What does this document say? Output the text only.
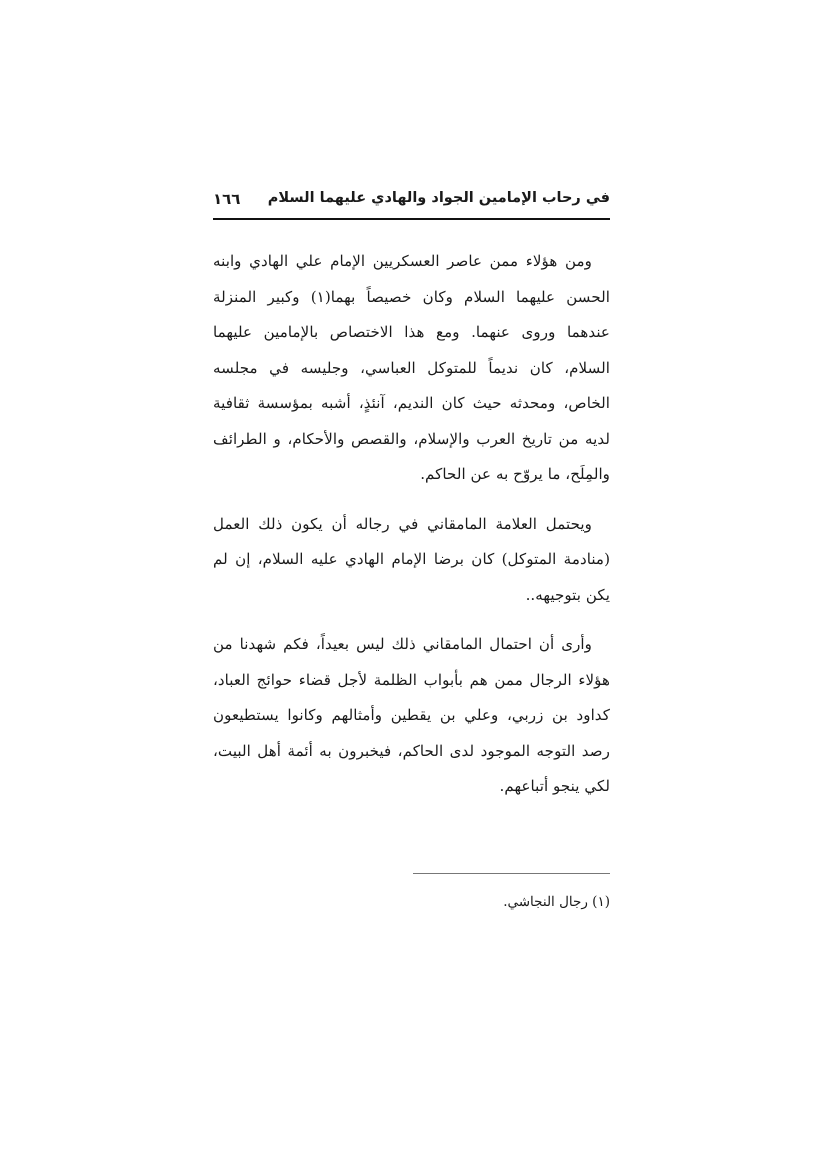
في رحاب الإمامين الجواد والهادي عليهما السلام
١٦٦

ومن هؤلاء ممن عاصر العسكريين الإمام علي الهادي وابنه الحسن عليهما السلام وكان خصيصاً بهما(١) وكبير المنزلة عندهما وروى عنهما. ومع هذا الاختصاص بالإمامين عليهما السلام، كان نديماً للمتوكل العباسي، وجليسه في مجلسه الخاص، ومحدثه حيث كان النديم، آنئذٍ، أشبه بمؤسسة ثقافية لديه من تاريخ العرب والإسلام، والقصص والأحكام، و الطرائف والمِلَح، ما يروّح به عن الحاكم.

ويحتمل العلامة المامقاني في رجاله أن يكون ذلك العمل (منادمة المتوكل) كان برضا الإمام الهادي عليه السلام، إن لم يكن بتوجيهه..

وأرى أن احتمال المامقاني ذلك ليس بعيداً، فكم شهدنا من هؤلاء الرجال ممن هم بأبواب الظلمة لأجل قضاء حوائج العباد، كداود بن زربي، وعلي بن يقطين وأمثالهم وكانوا يستطيعون رصد التوجه الموجود لدى الحاكم، فيخبرون به أئمة أهل البيت، لكي ينجو أتباعهم.

(١) رجال النجاشي.
